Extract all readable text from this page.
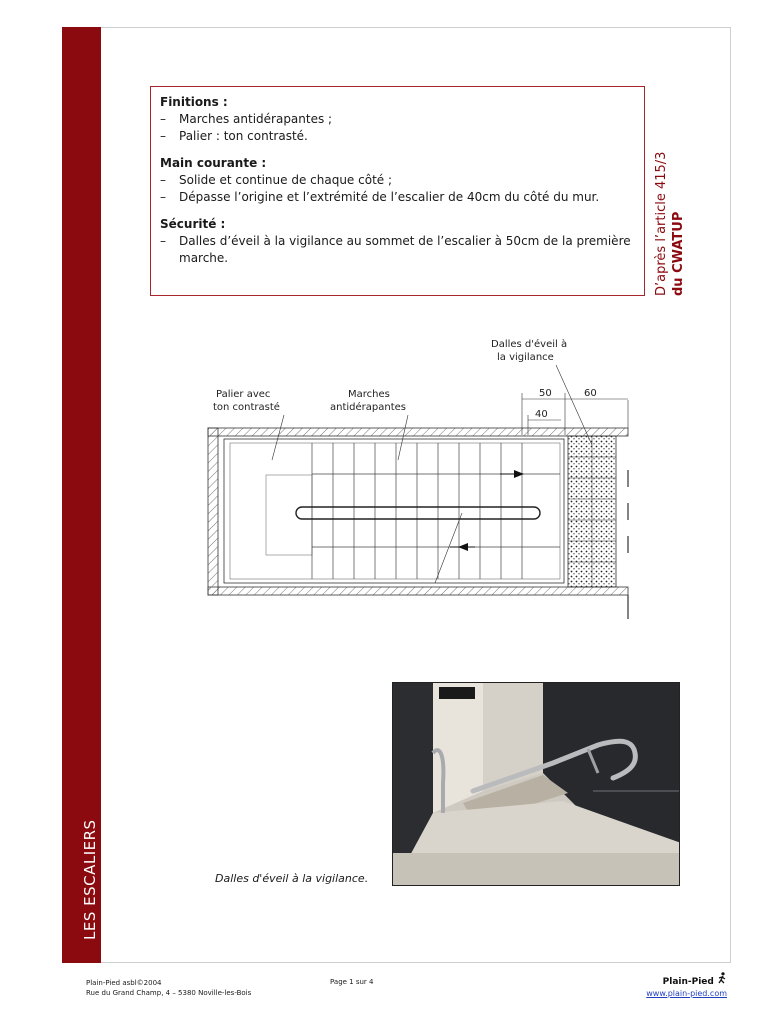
LES ESCALIERS
Finitions :
– Marches antidérapantes ;
– Palier : ton contrasté.
Main courante :
– Solide et continue de chaque côté ;
– Dépasse l’origine et l’extrémité de l’escalier de 40cm du côté du mur.
Sécurité :
– Dalles d’éveil à la vigilance au sommet de l’escalier à 50cm de la première marche.	D’après l’article 415/3 du CWATUP
50	60
40
Palier avec
ton contrasté
Marches
antidérapantes
Dalles d'éveil à
la vigilance
Dalles d'éveil à la vigilance.
Plain-Pied asbl©2004
Rue du Grand Champ, 4 – 5380 Noville-les-Bois
Page 1 sur 4	Plain-Pied
www.plain-pied.com
